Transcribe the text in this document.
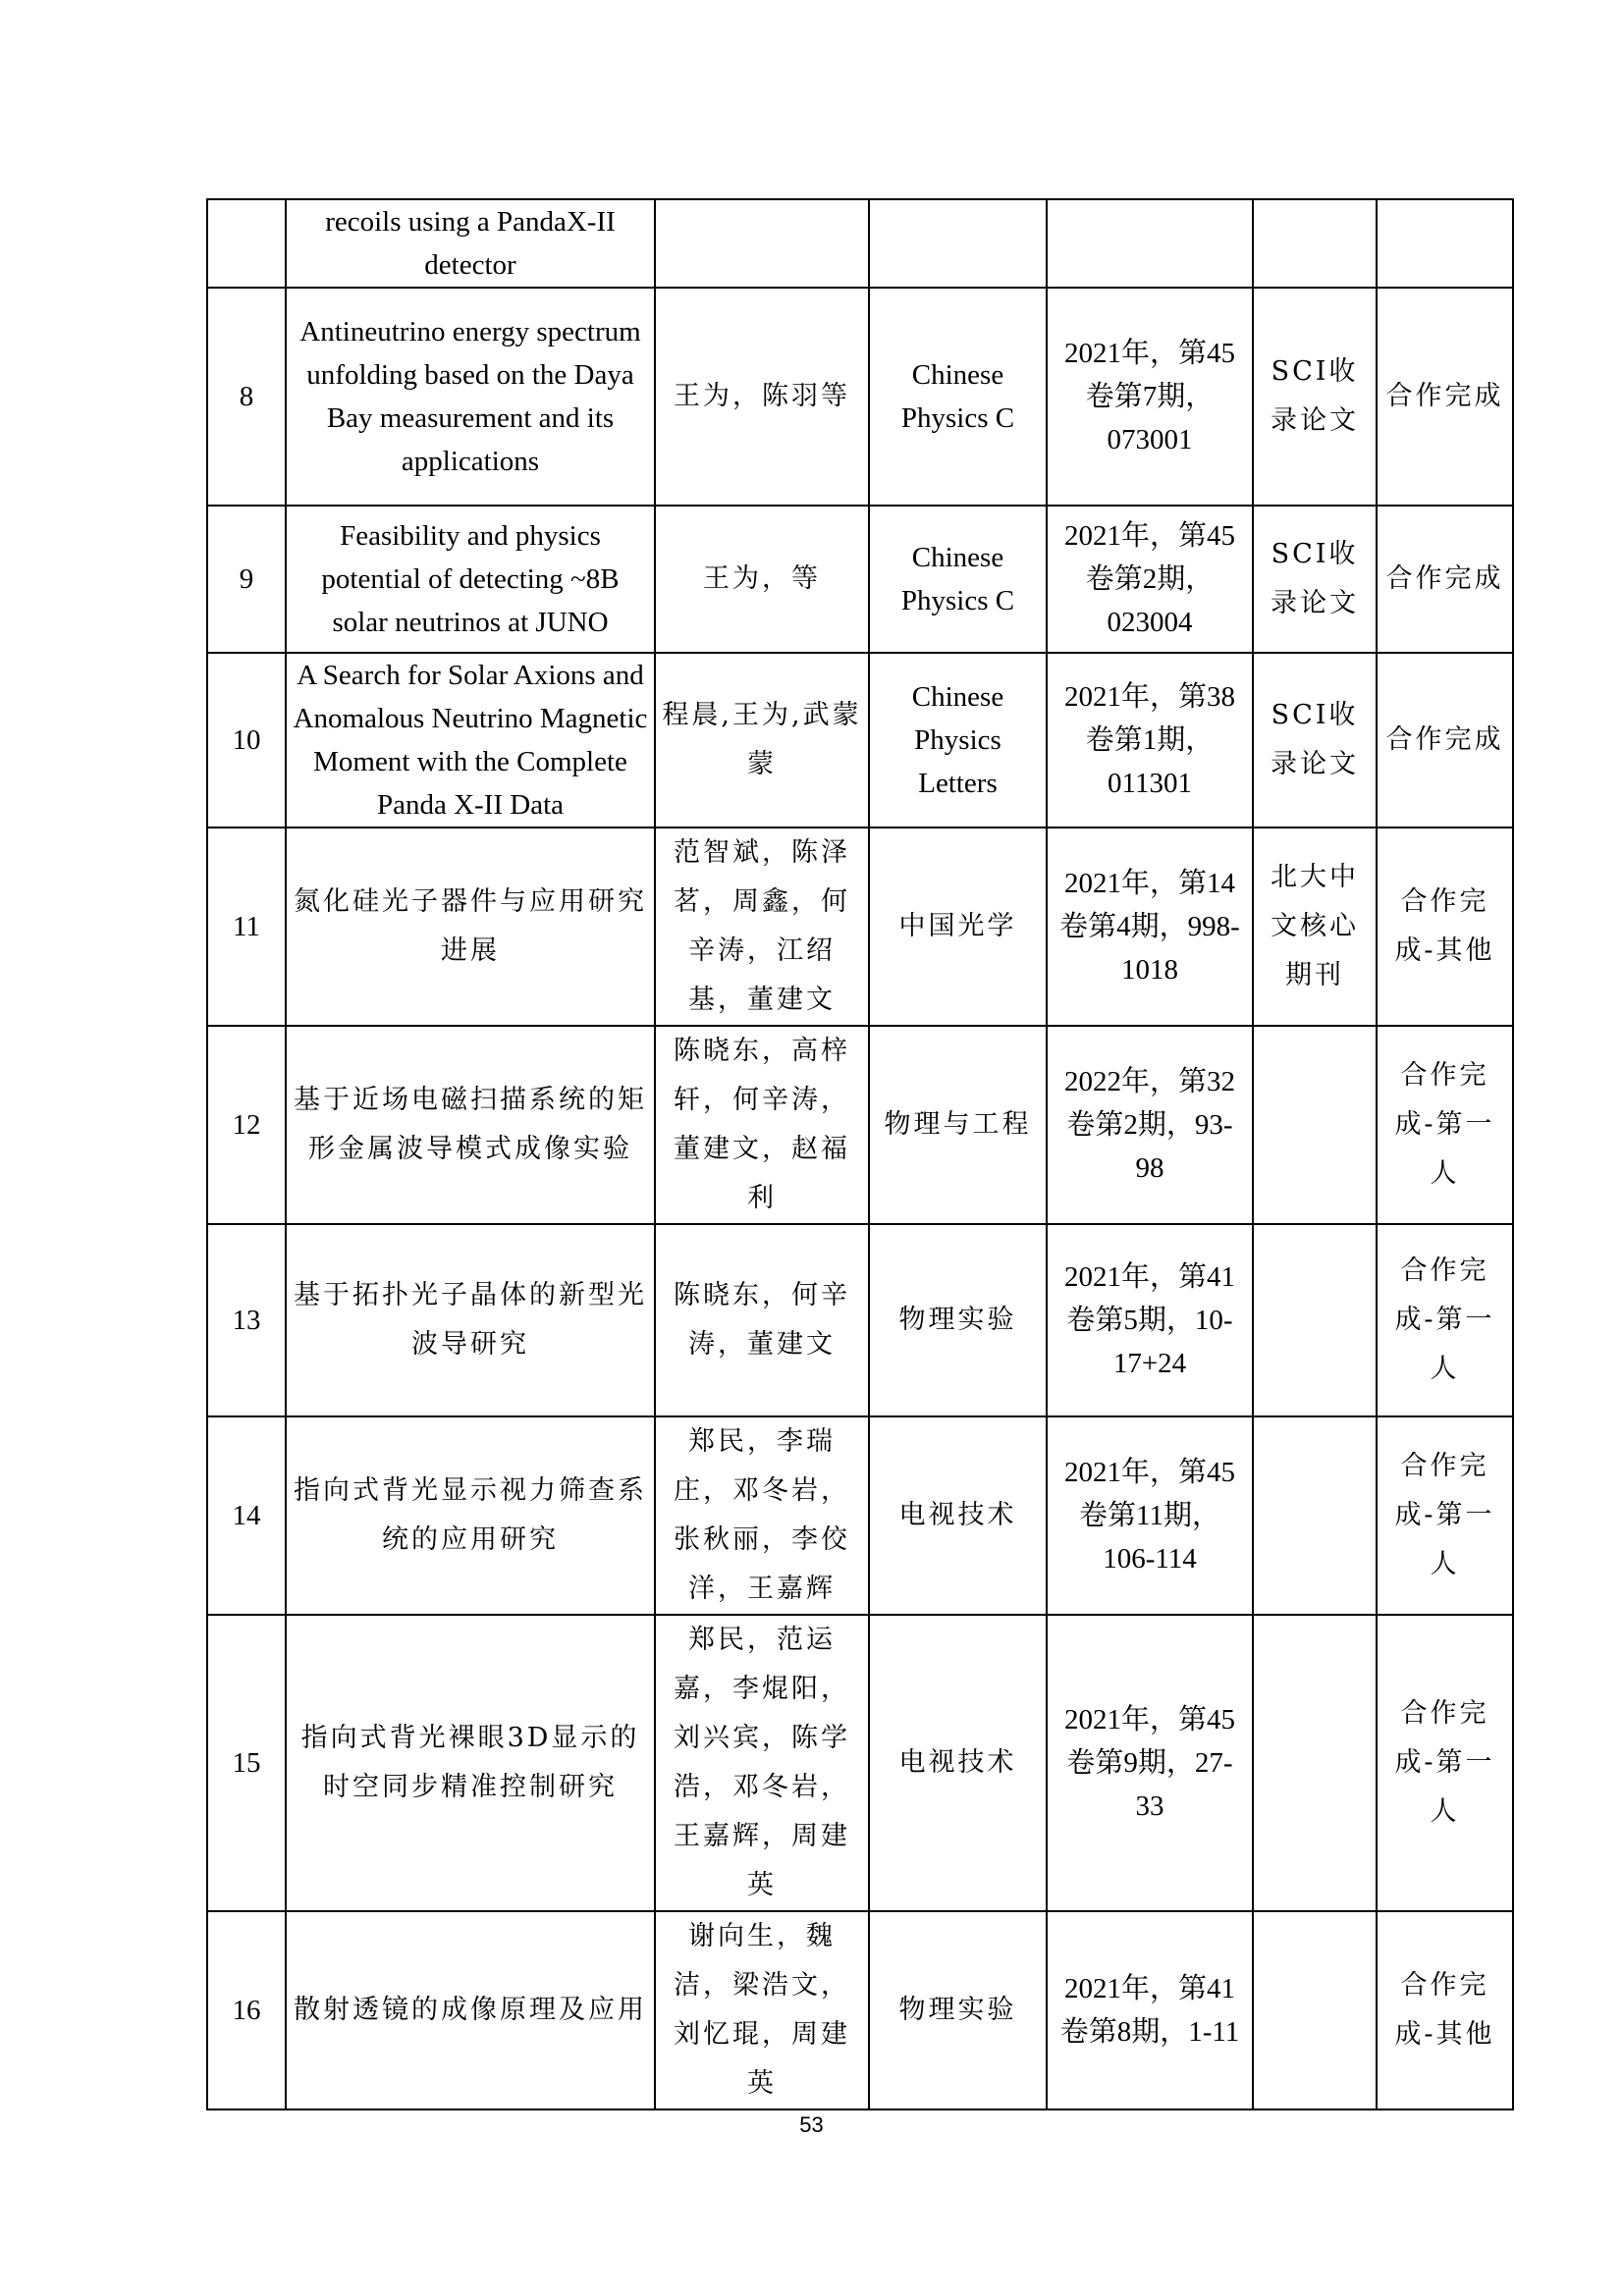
	recoils using a PandaX-II detector					
8	Antineutrino energy spectrum unfolding based on the Daya Bay measurement and its applications	王为，陈羽等	Chinese Physics C	2021年，第45卷第7期，073001	SCI收录论文	合作完成
9	Feasibility and physics potential of detecting ~8B solar neutrinos at JUNO	王为，等	Chinese Physics C	2021年，第45卷第2期，023004	SCI收录论文	合作完成
10	A Search for Solar Axions and Anomalous Neutrino Magnetic Moment with the Complete Panda X-II Data	程晨,王为,武蒙蒙	Chinese Physics Letters	2021年，第38卷第1期，011301	SCI收录论文	合作完成
11	氮化硅光子器件与应用研究进展	范智斌，陈泽茗，周鑫，何辛涛，江绍基，董建文	中国光学	2021年，第14卷第4期，998-1018	北大中文核心期刊	合作完成-其他
12	基于近场电磁扫描系统的矩形金属波导模式成像实验	陈晓东，高梓轩，何辛涛，董建文，赵福利	物理与工程	2022年，第32卷第2期，93-98		合作完成-第一人
13	基于拓扑光子晶体的新型光波导研究	陈晓东，何辛涛，董建文	物理实验	2021年，第41卷第5期，10-17+24		合作完成-第一人
14	指向式背光显示视力筛查系统的应用研究	郑民，李瑞庄，邓冬岩，张秋丽，李佼洋，王嘉辉	电视技术	2021年，第45卷第11期，106-114		合作完成-第一人
15	指向式背光裸眼3D显示的时空同步精准控制研究	郑民，范运嘉，李焜阳，刘兴宾，陈学浩，邓冬岩，王嘉辉，周建英	电视技术	2021年，第45卷第9期，27-33		合作完成-第一人
16	散射透镜的成像原理及应用	谢向生，魏洁，梁浩文，刘忆琨，周建英	物理实验	2021年，第41卷第8期，1-11		合作完成-其他
53
